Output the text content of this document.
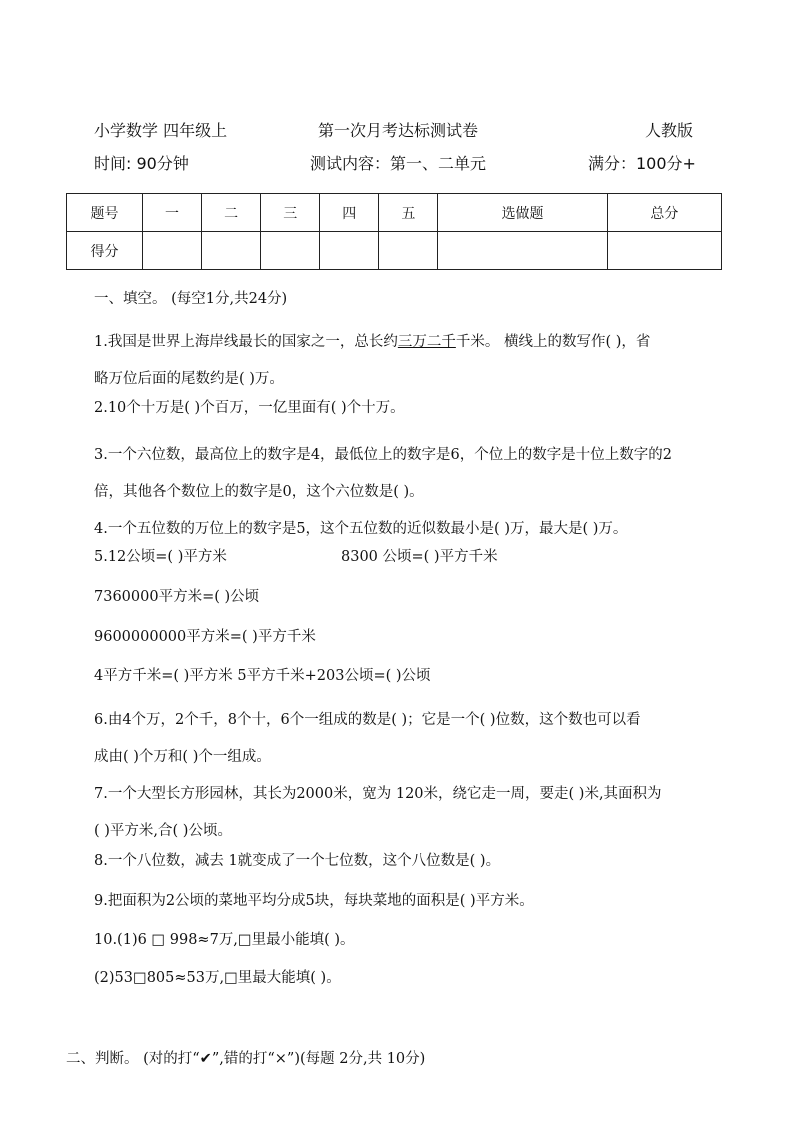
小学数学 四年级上	第一次月考达标测试卷	人教版
时间: 90分钟	测试内容：第一、二单元	满分：100分+
题号	一	二	三	四	五	选做题	总分
得分							
一、填空。 (每空1分,共24分)
1.我国是世界上海岸线最长的国家之一，总长约三万二千千米。 横线上的数写作( )，省
略万位后面的尾数约是( )万。
2.10个十万是( )个百万，一亿里面有( )个十万。
3.一个六位数，最高位上的数字是4，最低位上的数字是6，个位上的数字是十位上数字的2
倍，其他各个数位上的数字是0，这个六位数是( )。
4.一个五位数的万位上的数字是5，这个五位数的近似数最小是( )万，最大是( )万。
5.12公顷=( )平方米	8300 公顷=( )平方千米
7360000平方米=( )公顷
9600000000平方米=( )平方千米
4平方千米=( )平方米 5平方千米+203公顷=( )公顷
6.由4个万，2个千，8个十，6个一组成的数是( )；它是一个( )位数，这个数也可以看
成由( )个万和( )个一组成。
7.一个大型长方形园林，其长为2000米，宽为 120米，绕它走一周，要走( )米,其面积为
( )平方米,合( )公顷。
8.一个八位数，减去 1就变成了一个七位数，这个八位数是( )。
9.把面积为2公顷的菜地平均分成5块，每块菜地的面积是( )平方米。
10.(1)6 □ 998≈7万,□里最小能填( )。
(2)53□805≈53万,□里最大能填( )。
二、判断。 (对的打“✔”,错的打“×”)(每题 2分,共 10分)
